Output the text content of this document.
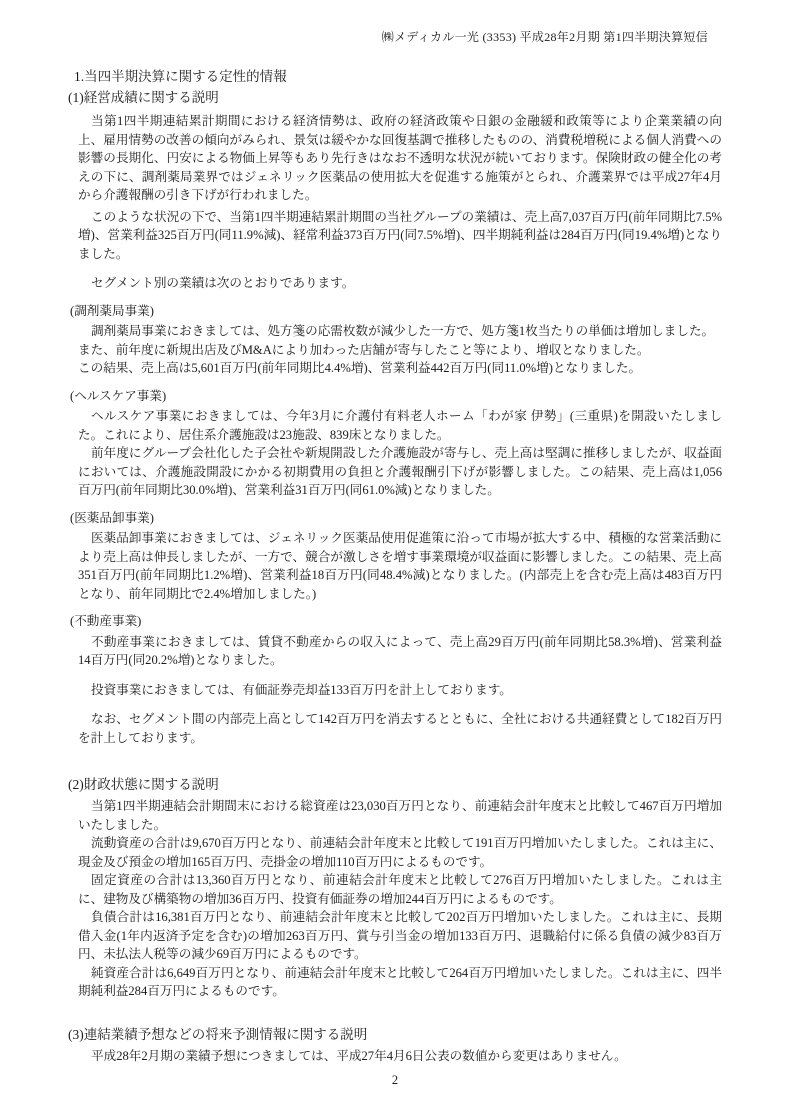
㈱メディカル一光 (3353) 平成28年2月期 第1四半期決算短信
1.当四半期決算に関する定性的情報
(1)経営成績に関する説明

当第1四半期連結累計期間における経済情勢は、政府の経済政策や日銀の金融緩和政策等により企業業績の向上、雇用情勢の改善の傾向がみられ、景気は緩やかな回復基調で推移したものの、消費税増税による個人消費への影響の長期化、円安による物価上昇等もあり先行きはなお不透明な状況が続いております。保険財政の健全化の考えの下に、調剤薬局業界ではジェネリック医薬品の使用拡大を促進する施策がとられ、介護業界では平成27年4月から介護報酬の引き下げが行われました。

このような状況の下で、当第1四半期連結累計期間の当社グループの業績は、売上高7,037百万円(前年同期比7.5%増)、営業利益325百万円(同11.9%減)、経常利益373百万円(同7.5%増)、四半期純利益は284百万円(同19.4%増)となりました。

セグメント別の業績は次のとおりであります。

(調剤薬局事業)

調剤薬局事業におきましては、処方箋の応需枚数が減少した一方で、処方箋1枚当たりの単価は増加しました。

また、前年度に新規出店及びM&Aにより加わった店舗が寄与したこと等により、増収となりました。

この結果、売上高は5,601百万円(前年同期比4.4%増)、営業利益442百万円(同11.0%増)となりました。

(ヘルスケア事業)

ヘルスケア事業におきましては、今年3月に介護付有料老人ホーム「わが家 伊勢」(三重県)を開設いたしました。これにより、居住系介護施設は23施設、839床となりました。

前年度にグループ会社化した子会社や新規開設した介護施設が寄与し、売上高は堅調に推移しましたが、収益面においては、介護施設開設にかかる初期費用の負担と介護報酬引下げが影響しました。この結果、売上高は1,056百万円(前年同期比30.0%増)、営業利益31百万円(同61.0%減)となりました。

(医薬品卸事業)

医薬品卸事業におきましては、ジェネリック医薬品使用促進策に沿って市場が拡大する中、積極的な営業活動により売上高は伸長しましたが、一方で、競合が激しさを増す事業環境が収益面に影響しました。この結果、売上高351百万円(前年同期比1.2%増)、営業利益18百万円(同48.4%減)となりました。(内部売上を含む売上高は483百万円となり、前年同期比で2.4%増加しました。)

(不動産事業)

不動産事業におきましては、賃貸不動産からの収入によって、売上高29百万円(前年同期比58.3%増)、営業利益14百万円(同20.2%増)となりました。

投資事業におきましては、有価証券売却益133百万円を計上しております。

なお、セグメント間の内部売上高として142百万円を消去するとともに、全社における共通経費として182百万円を計上しております。

(2)財政状態に関する説明

当第1四半期連結会計期間末における総資産は23,030百万円となり、前連結会計年度末と比較して467百万円増加いたしました。

流動資産の合計は9,670百万円となり、前連結会計年度末と比較して191百万円増加いたしました。これは主に、現金及び預金の増加165百万円、売掛金の増加110百万円によるものです。

固定資産の合計は13,360百万円となり、前連結会計年度末と比較して276百万円増加いたしました。これは主に、建物及び構築物の増加36百万円、投資有価証券の増加244百万円によるものです。

負債合計は16,381百万円となり、前連結会計年度末と比較して202百万円増加いたしました。これは主に、長期借入金(1年内返済予定を含む)の増加263百万円、賞与引当金の増加133百万円、退職給付に係る負債の減少83百万円、未払法人税等の減少69百万円によるものです。

純資産合計は6,649百万円となり、前連結会計年度末と比較して264百万円増加いたしました。これは主に、四半期純利益284百万円によるものです。

(3)連結業績予想などの将来予測情報に関する説明

平成28年2月期の業績予想につきましては、平成27年4月6日公表の数値から変更はありません。

2
